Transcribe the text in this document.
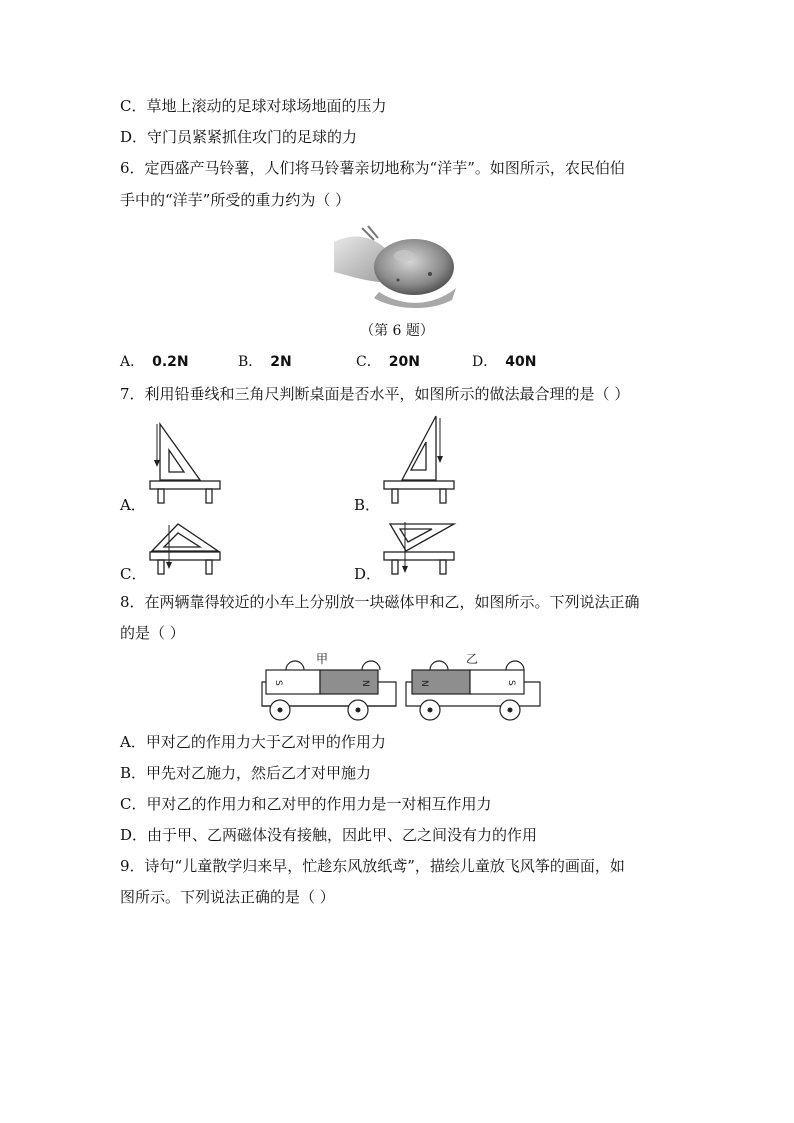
C．草地上滚动的足球对球场地面的压力
D．守门员紧紧抓住攻门的足球的力
6．定西盛产马铃薯，人们将马铃薯亲切地称为“洋芋”。如图所示，农民伯伯
手中的“洋芋”所受的重力约为（ ）
（第 6 题）
A． 0.2N	B． 2N	C． 20N	D． 40N
7．利用铅垂线和三角尺判断桌面是否水平，如图所示的做法最合理的是（ ）
A．	B．
C．	D．
8．在两辆靠得较近的小车上分别放一块磁体甲和乙，如图所示。下列说法正确
的是（ ）
S	N	N	S
甲	乙
A．甲对乙的作用力大于乙对甲的作用力
B．甲先对乙施力，然后乙才对甲施力
C．甲对乙的作用力和乙对甲的作用力是一对相互作用力
D．由于甲、乙两磁体没有接触，因此甲、乙之间没有力的作用
9．诗句“儿童散学归来早，忙趁东风放纸鸢”，描绘儿童放飞风筝的画面，如
图所示。下列说法正确的是（ ）
